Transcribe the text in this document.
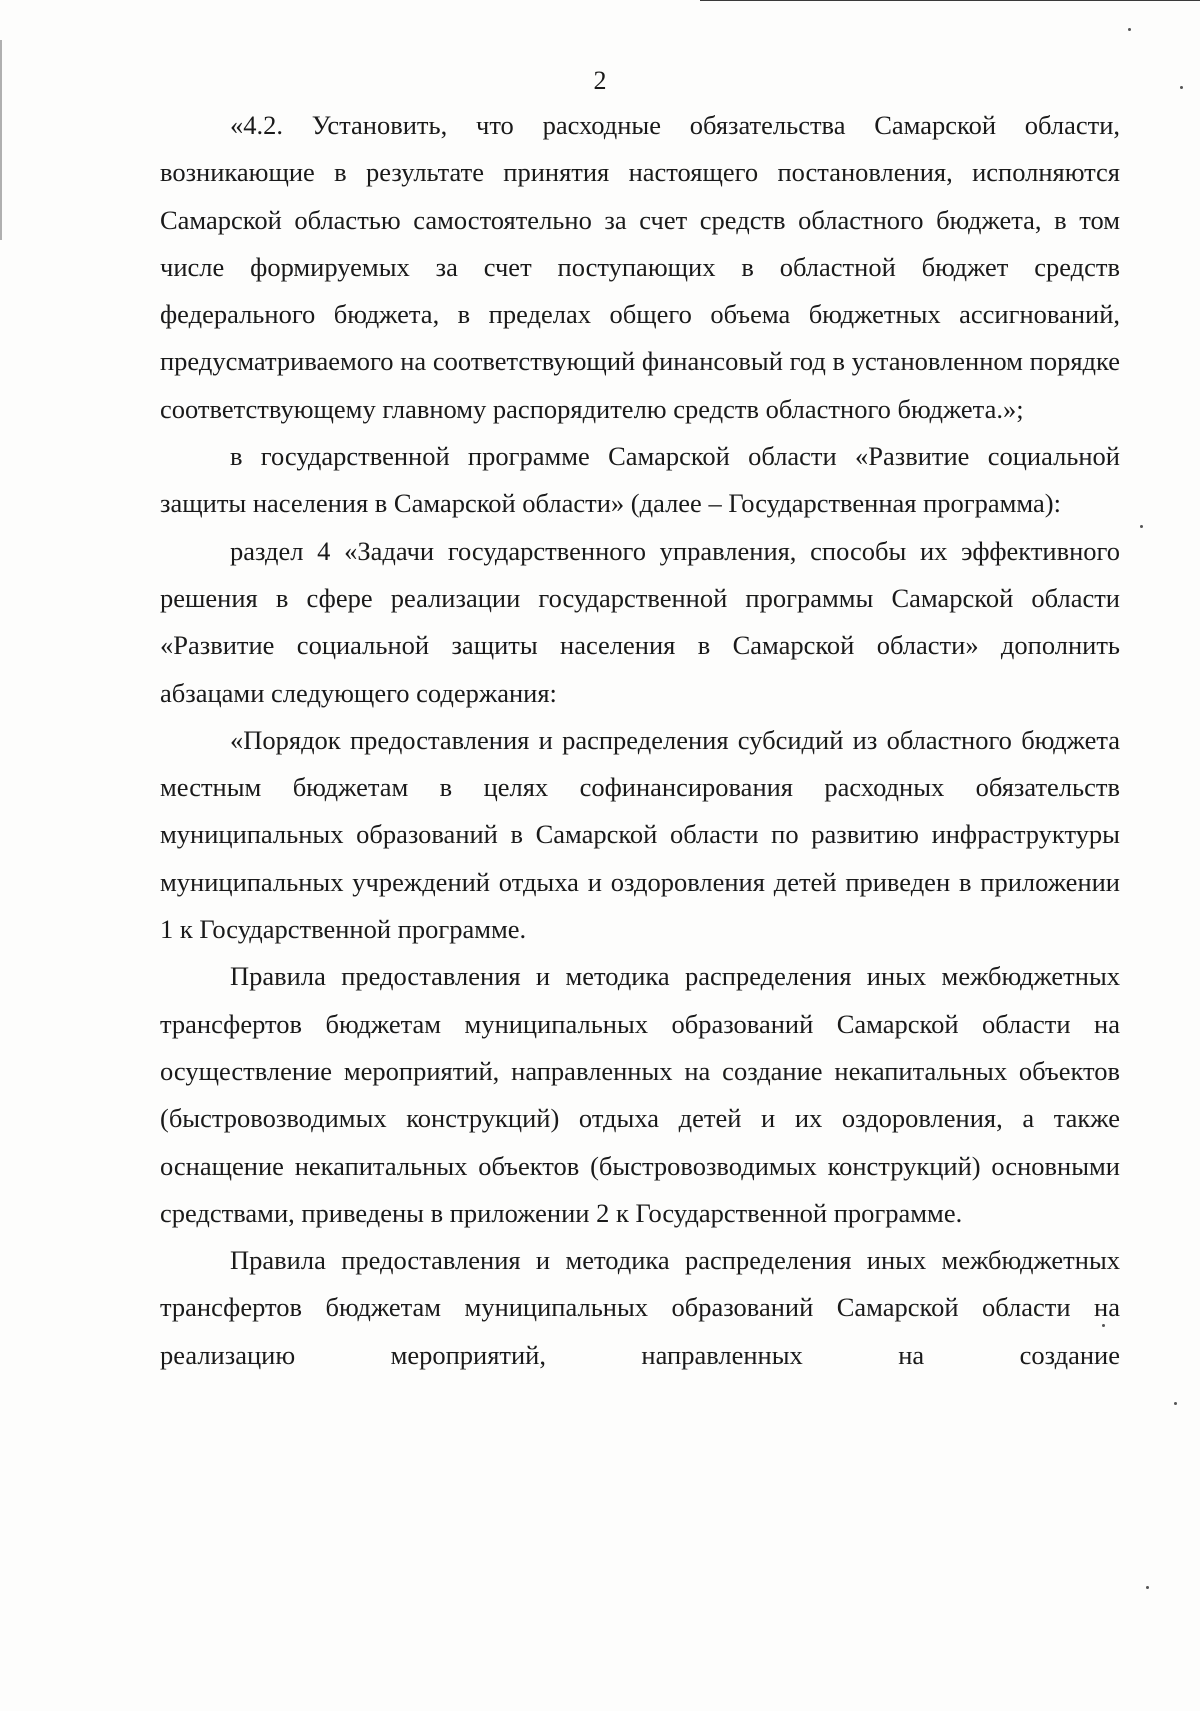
2

«4.2. Установить, что расходные обязательства Самарской области, возникающие в результате принятия настоящего постановления, исполняются Самарской областью самостоятельно за счет средств областного бюджета, в том числе формируемых за счет поступающих в областной бюджет средств федерального бюджета, в пределах общего объема бюджетных ассигнований, предусматриваемого на соответствующий финансовый год в установленном порядке соответствующему главному распорядителю средств областного бюджета.»;

в государственной программе Самарской области «Развитие социальной защиты населения в Самарской области» (далее – Государственная программа):

раздел 4 «Задачи государственного управления, способы их эффективного решения в сфере реализации государственной программы Самарской области «Развитие социальной защиты населения в Самарской области» дополнить абзацами следующего содержания:

«Порядок предоставления и распределения субсидий из областного бюджета местным бюджетам в целях софинансирования расходных обязательств муниципальных образований в Самарской области по развитию инфраструктуры муниципальных учреждений отдыха и оздоровления детей приведен в приложении 1 к Государственной программе.

Правила предоставления и методика распределения иных межбюджетных трансфертов бюджетам муниципальных образований Самарской области на осуществление мероприятий, направленных на создание некапитальных объектов (быстровозводимых конструкций) отдыха детей и их оздоровления, а также оснащение некапитальных объектов (быстровозводимых конструкций) основными средствами, приведены в приложении 2 к Государственной программе.

Правила предоставления и методика распределения иных межбюджетных трансфертов бюджетам муниципальных образований Самарской области на реализацию мероприятий, направленных на создание
